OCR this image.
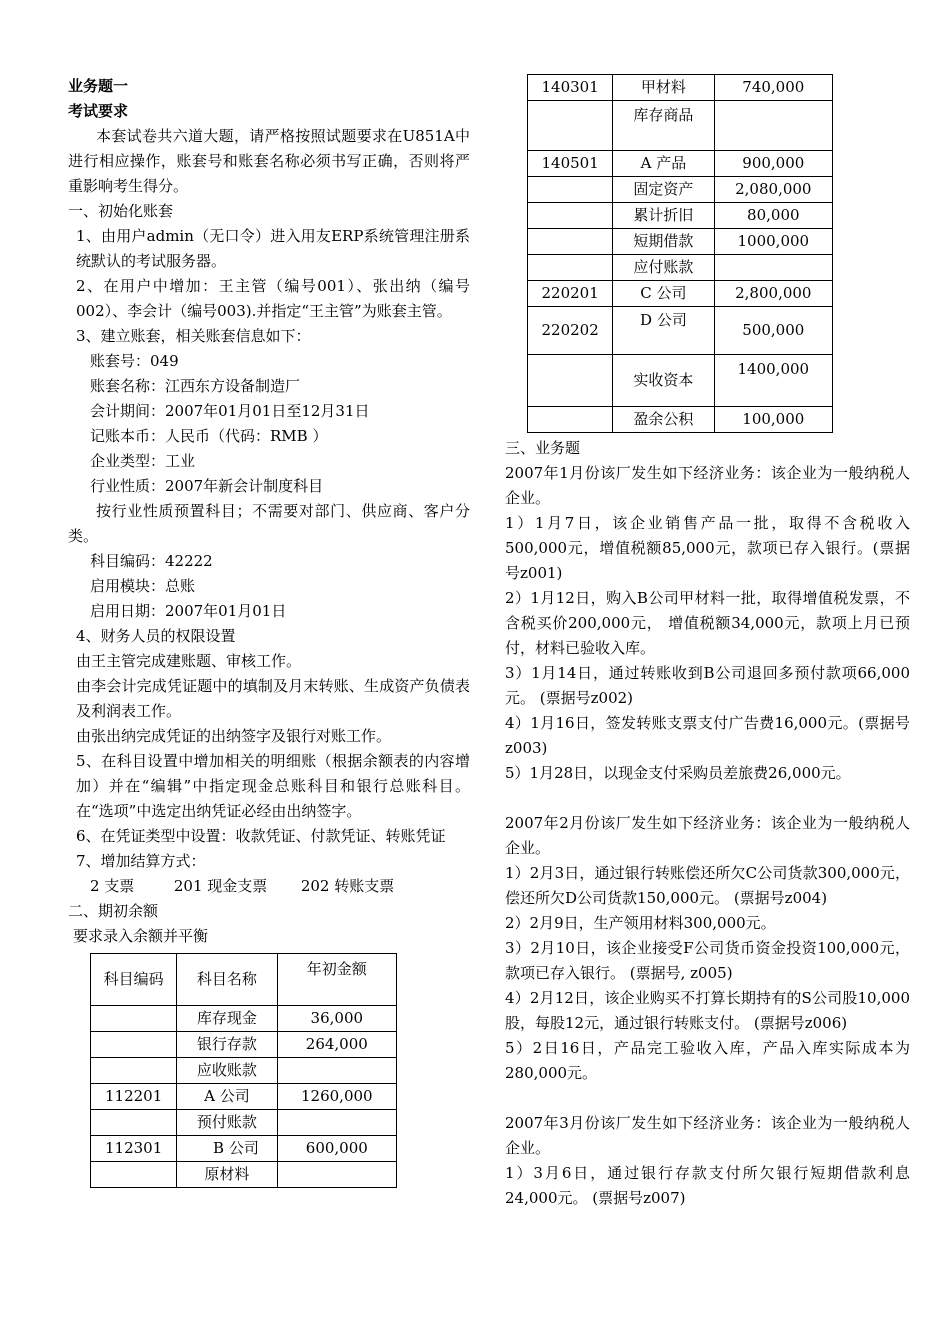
业务题一
考试要求
本套试卷共六道大题，请严格按照试题要求在U851A中进行相应操作，账套号和账套名称必须书写正确，否则将严重影响考生得分。
一、初始化账套
1、由用户admin（无口令）进入用友ERP系统管理注册系统默认的考试服务器。
2、在用户中增加：王主管（编号001）、张出纳（编号002）、李会计（编号003).并指定“王主管”为账套主管。
3、建立账套，相关账套信息如下：
账套号：049
账套名称：江西东方设备制造厂
会计期间：2007年01月01日至12月31日
记账本币：人民币（代码：RMB ）
企业类型：工业
行业性质：2007年新会计制度科目
按行业性质预置科目；不需要对部门、供应商、客户分类。
科目编码：42222
启用模块：总账
启用日期：2007年01月01日
4、财务人员的权限设置
由王主管完成建账题、审核工作。
由李会计完成凭证题中的填制及月末转账、生成资产负债表及利润表工作。
由张出纳完成凭证的出纳签字及银行对账工作。
5、在科目设置中增加相关的明细账（根据余额表的内容增加）并在“编辑”中指定现金总账科目和银行总账科目。在“选项”中选定出纳凭证必经由出纳签字。
6、在凭证类型中设置：收款凭证、付款凭证、转账凭证
7、增加结算方式：
2 支票	201 现金支票 202 转账支票
二、期初余额
要求录入余额并平衡
科目编码	科目名称	年初金额
	库存现金	36,000
	银行存款	264,000
	应收账款	
112201	A 公司	1260,000
	预付账款	
112301	B 公司	600,000
	原材料	
140301	甲材料	740,000
	库存商品	
140501	A 产品	900,000
	固定资产	2,080,000
	累计折旧	80,000
	短期借款	1000,000
	应付账款	
220201	C 公司	2,800,000
220202	D 公司	500,000
	实收资本	1400,000
	盈余公积	100,000
三、业务题
2007年1月份该厂发生如下经济业务：该企业为一般纳税人企业。
1）1月7日，该企业销售产品一批，取得不含税收入500,000元，增值税额85,000元，款项已存入银行。(票据号z001)
2）1月12日，购入B公司甲材料一批，取得增值税发票，不含税买价200,000元， 增值税额34,000元，款项上月已预付，材料已验收入库。
3）1月14日，通过转账收到B公司退回多预付款项66,000元。 (票据号z002)
4）1月16日，签发转账支票支付广告费16,000元。(票据号z003)
5）1月28日，以现金支付采购员差旅费26,000元。
2007年2月份该厂发生如下经济业务：该企业为一般纳税人企业。
1）2月3日，通过银行转账偿还所欠C公司货款300,000元，偿还所欠D公司货款150,000元。 (票据号z004)
2）2月9日，生产领用材料300,000元。
3）2月10日，该企业接受F公司货币资金投资100,000元，款项已存入银行。 (票据号, z005)
4）2月12日，该企业购买不打算长期持有的S公司股10,000股，每股12元，通过银行转账支付。 (票据号z006)
5）2日16日，产品完工验收入库，产品入库实际成本为280,000元。
2007年3月份该厂发生如下经济业务：该企业为一般纳税人企业。
1）3月6日，通过银行存款支付所欠银行短期借款利息24,000元。 (票据号z007)
